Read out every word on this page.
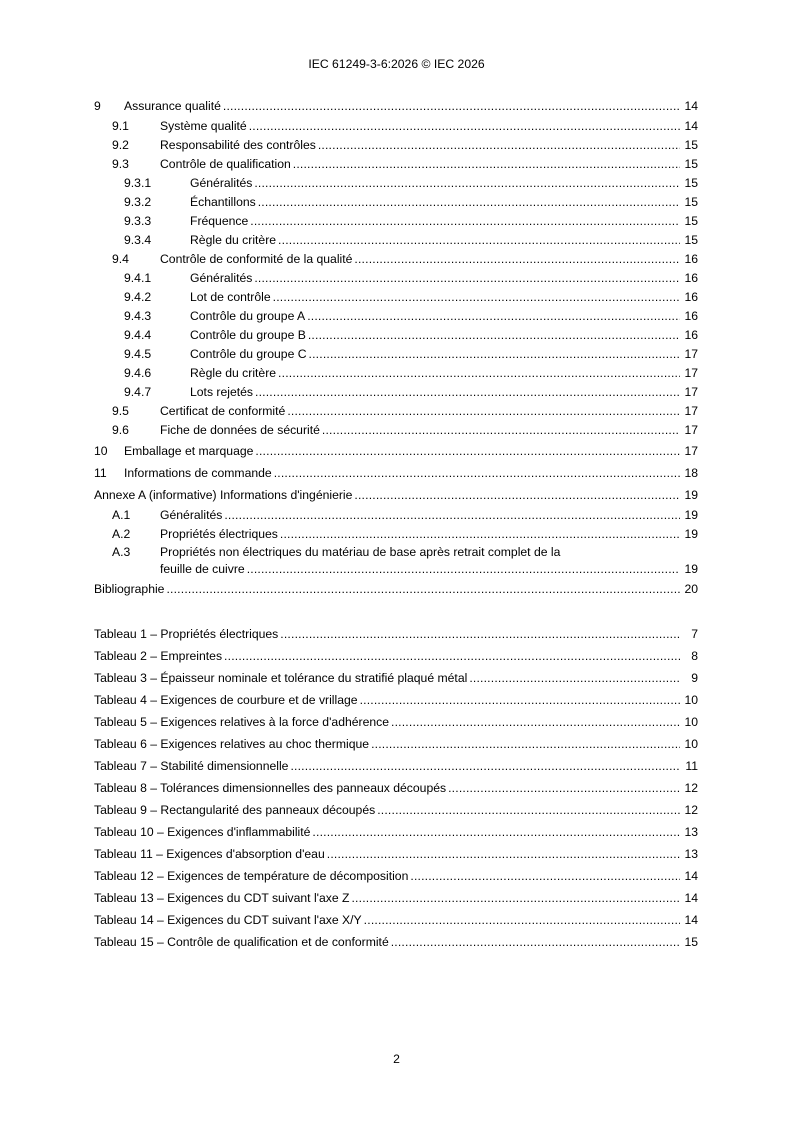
IEC 61249-3-6:2026 © IEC 2026
9	Assurance qualité . . .	14
9.1	Système qualité . . .	14
9.2	Responsabilité des contrôles . . .	15
9.3	Contrôle de qualification . . .	15
9.3.1	Généralités . . .	15
9.3.2	Échantillons . . .	15
9.3.3	Fréquence . . .	15
9.3.4	Règle du critère . . .	15
9.4	Contrôle de conformité de la qualité . . .	16
9.4.1	Généralités . . .	16
9.4.2	Lot de contrôle . . .	16
9.4.3	Contrôle du groupe A . . .	16
9.4.4	Contrôle du groupe B . . .	16
9.4.5	Contrôle du groupe C . . .	17
9.4.6	Règle du critère . . .	17
9.4.7	Lots rejetés . . .	17
9.5	Certificat de conformité . . .	17
9.6	Fiche de données de sécurité . . .	17
10	Emballage et marquage . . .	17
11	Informations de commande . . .	18
Annexe A (informative) Informations d'ingénierie . . .	19
A.1	Généralités . . .	19
A.2	Propriétés électriques . . .	19
A.3	Propriétés non électriques du matériau de base après retrait complet de la
feuille de cuivre . . .	19
Bibliographie . . .	20
Tableau 1 – Propriétés électriques . . .	7
Tableau 2 – Empreintes . . .	8
Tableau 3 – Épaisseur nominale et tolérance du stratifié plaqué métal . . .	9
Tableau 4 – Exigences de courbure et de vrillage . . .	10
Tableau 5 – Exigences relatives à la force d'adhérence . . .	10
Tableau 6 – Exigences relatives au choc thermique . . .	10
Tableau 7 – Stabilité dimensionnelle . . .	11
Tableau 8 – Tolérances dimensionnelles des panneaux découpés . . .	12
Tableau 9 – Rectangularité des panneaux découpés . . .	12
Tableau 10 – Exigences d'inflammabilité . . .	13
Tableau 11 – Exigences d'absorption d'eau . . .	13
Tableau 12 – Exigences de température de décomposition . . .	14
Tableau 13 – Exigences du CDT suivant l'axe Z . . .	14
Tableau 14 – Exigences du CDT suivant l'axe X/Y . . .	14
Tableau 15 – Contrôle de qualification et de conformité . . .	15
2
